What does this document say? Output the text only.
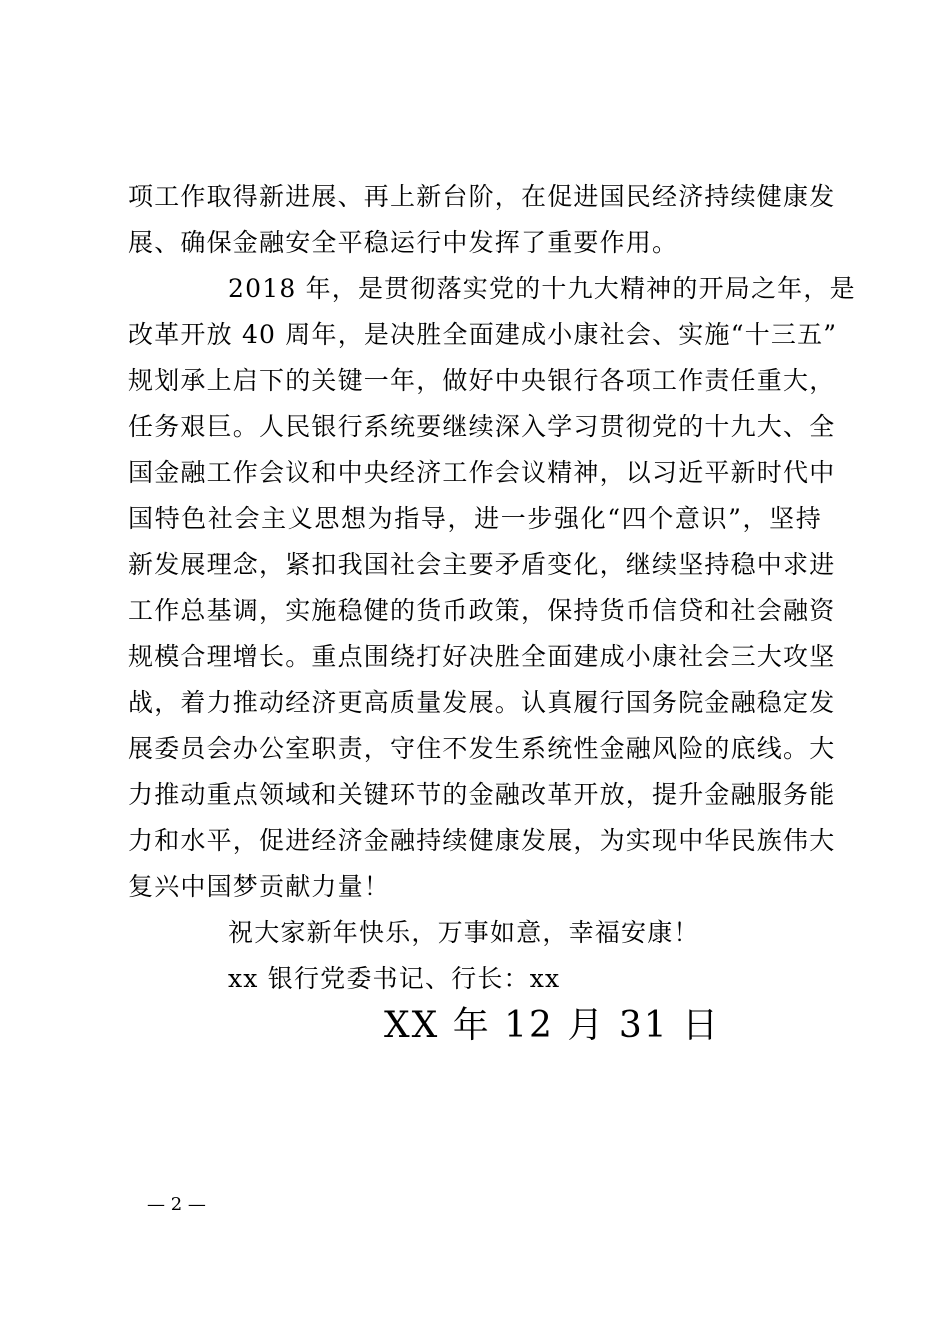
项工作取得新进展、再上新台阶，在促进国民经济持续健康发
展、确保金融安全平稳运行中发挥了重要作用。
2018 年，是贯彻落实党的十九大精神的开局之年，是
改革开放 40 周年，是决胜全面建成小康社会、实施“十三五”
规划承上启下的关键一年，做好中央银行各项工作责任重大，
任务艰巨。人民银行系统要继续深入学习贯彻党的十九大、全
国金融工作会议和中央经济工作会议精神，以习近平新时代中
国特色社会主义思想为指导，进一步强化“四个意识”，坚持
新发展理念，紧扣我国社会主要矛盾变化，继续坚持稳中求进
工作总基调，实施稳健的货币政策，保持货币信贷和社会融资
规模合理增长。重点围绕打好决胜全面建成小康社会三大攻坚
战，着力推动经济更高质量发展。认真履行国务院金融稳定发
展委员会办公室职责，守住不发生系统性金融风险的底线。大
力推动重点领域和关键环节的金融改革开放，提升金融服务能
力和水平，促进经济金融持续健康发展，为实现中华民族伟大
复兴中国梦贡献力量！
祝大家新年快乐，万事如意，幸福安康！
xx 银行党委书记、行长：xx
XX 年 12 月 31 日
— 2 —
